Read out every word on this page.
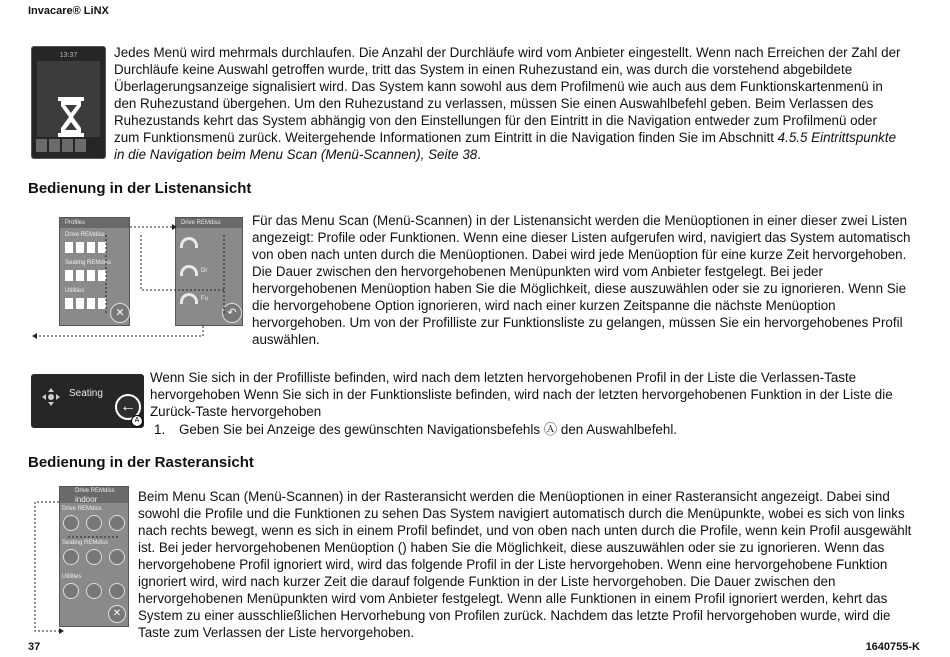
Invacare® LiNX
13:37	Jedes Menü wird mehrmals durchlaufen. Die Anzahl der Durchläufe wird vom Anbieter eingestellt. Wenn nach Erreichen der Zahl der Durchläufe keine Auswahl getroffen wurde, tritt das System in einen Ruhezustand ein, was durch die vorstehend abgebildete Überlagerungsanzeige signalisiert wird. Das System kann sowohl aus dem Profilmenü wie auch aus dem Funktionskartenmenü in den Ruhezustand übergehen. Um den Ruhezustand zu verlassen, müssen Sie einen Auswahlbefehl geben. Beim Verlassen des Ruhezustands kehrt das System abhängig von den Einstellungen für den Eintritt in die Navigation entweder zum Profilmenü oder zum Funktionsmenü zurück. Weitergehende Informationen zum Eintritt in die Navigation finden Sie im Abschnitt 4.5.5 Eintrittspunkte in die Navigation beim Menu Scan (Menü-Scannen), Seite 38.

Bedienung in der Listenansicht
Profiles
Drive REMdiss
Seating REMdiss
Utilities
✕
Drive REMdiss
Dr
Fu
↶

Für das Menu Scan (Menü-Scannen) in der Listenansicht werden die Menüoptionen in einer dieser zwei Listen angezeigt: Profile oder Funktionen. Wenn eine dieser Listen aufgerufen wird, navigiert das System automatisch von oben nach unten durch die Menüoptionen. Dabei wird jede Menüoption für eine kurze Zeit hervorgehoben. Die Dauer zwischen den hervorgehobenen Menüpunkten wird vom Anbieter festgelegt. Bei jeder hervorgehobenen Menüoption haben Sie die Möglichkeit, diese auszuwählen oder sie zu ignorieren. Wenn Sie die hervorgehobene Option ignorieren, wird nach einer kurzen Zeitspanne die nächste Menüoption hervorgehoben. Um von der Profilliste zur Funktionsliste zu gelangen, müssen Sie ein hervorgehobenes Profil auswählen.

Seating
←
A

Wenn Sie sich in der Profilliste befinden, wird nach dem letzten hervorgehobenen Profil in der Liste die Verlassen-Taste hervorgehoben Wenn Sie sich in der Funktionsliste befinden, wird nach der letzten hervorgehobenen Funktion in der Liste die Zurück-Taste hervorgehoben

1. Geben Sie bei Anzeige des gewünschten Navigationsbefehls Ⓐ den Auswahlbefehl.
Bedienung in der Rasteransicht
Drive REMdiss
indoor
Drive REMdiss
Seating REMdiss
Utilities
✕

Beim Menu Scan (Menü-Scannen) in der Rasteransicht werden die Menüoptionen in einer Rasteransicht angezeigt. Dabei sind sowohl die Profile und die Funktionen zu sehen Das System navigiert automatisch durch die Menüpunkte, wobei es sich von links nach rechts bewegt, wenn es sich in einem Profil befindet, und von oben nach unten durch die Profile, wenn kein Profil ausgewählt ist. Bei jeder hervorgehobenen Menüoption () haben Sie die Möglichkeit, diese auszuwählen oder sie zu ignorieren. Wenn das hervorgehobene Profil ignoriert wird, wird das folgende Profil in der Liste hervorgehoben. Wenn eine hervorgehobene Funktion ignoriert wird, wird nach kurzer Zeit die darauf folgende Funktion in der Liste hervorgehoben. Die Dauer zwischen den hervorgehobenen Menüpunkten wird vom Anbieter festgelegt. Wenn alle Funktionen in einem Profil ignoriert werden, kehrt das System zu einer ausschließlichen Hervorhebung von Profilen zurück. Nachdem das letzte Profil hervorgehoben wurde, wird die Taste zum Verlassen der Liste hervorgehoben.

37	1640755-K
